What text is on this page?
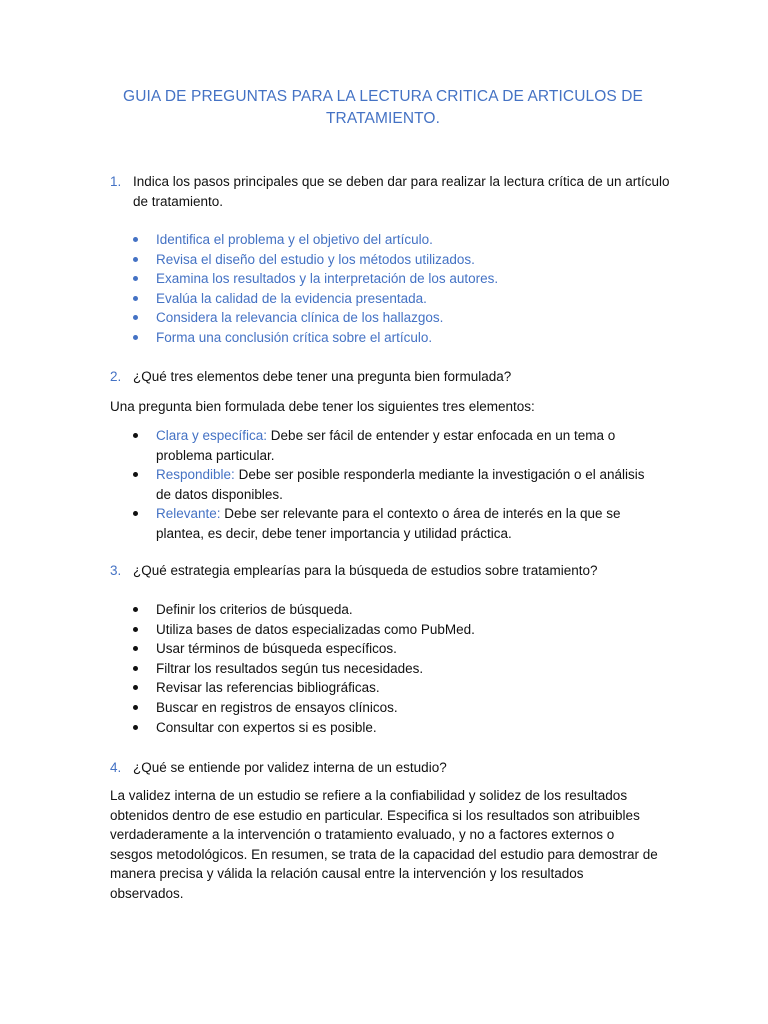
GUIA DE PREGUNTAS PARA LA LECTURA CRITICA DE ARTICULOS DE TRATAMIENTO.
1. Indica los pasos principales que se deben dar para realizar la lectura crítica de un artículo de tratamiento.
Identifica el problema y el objetivo del artículo.
Revisa el diseño del estudio y los métodos utilizados.
Examina los resultados y la interpretación de los autores.
Evalúa la calidad de la evidencia presentada.
Considera la relevancia clínica de los hallazgos.
Forma una conclusión crítica sobre el artículo.
2. ¿Qué tres elementos debe tener una pregunta bien formulada?
Una pregunta bien formulada debe tener los siguientes tres elementos:
Clara y específica: Debe ser fácil de entender y estar enfocada en un tema o problema particular.
Respondible: Debe ser posible responderla mediante la investigación o el análisis de datos disponibles.
Relevante: Debe ser relevante para el contexto o área de interés en la que se plantea, es decir, debe tener importancia y utilidad práctica.
3. ¿Qué estrategia emplearías para la búsqueda de estudios sobre tratamiento?
Definir los criterios de búsqueda.
Utiliza bases de datos especializadas como PubMed.
Usar términos de búsqueda específicos.
Filtrar los resultados según tus necesidades.
Revisar las referencias bibliográficas.
Buscar en registros de ensayos clínicos.
Consultar con expertos si es posible.
4. ¿Qué se entiende por validez interna de un estudio?
La validez interna de un estudio se refiere a la confiabilidad y solidez de los resultados obtenidos dentro de ese estudio en particular. Especifica si los resultados son atribuibles verdaderamente a la intervención o tratamiento evaluado, y no a factores externos o sesgos metodológicos. En resumen, se trata de la capacidad del estudio para demostrar de manera precisa y válida la relación causal entre la intervención y los resultados observados.
